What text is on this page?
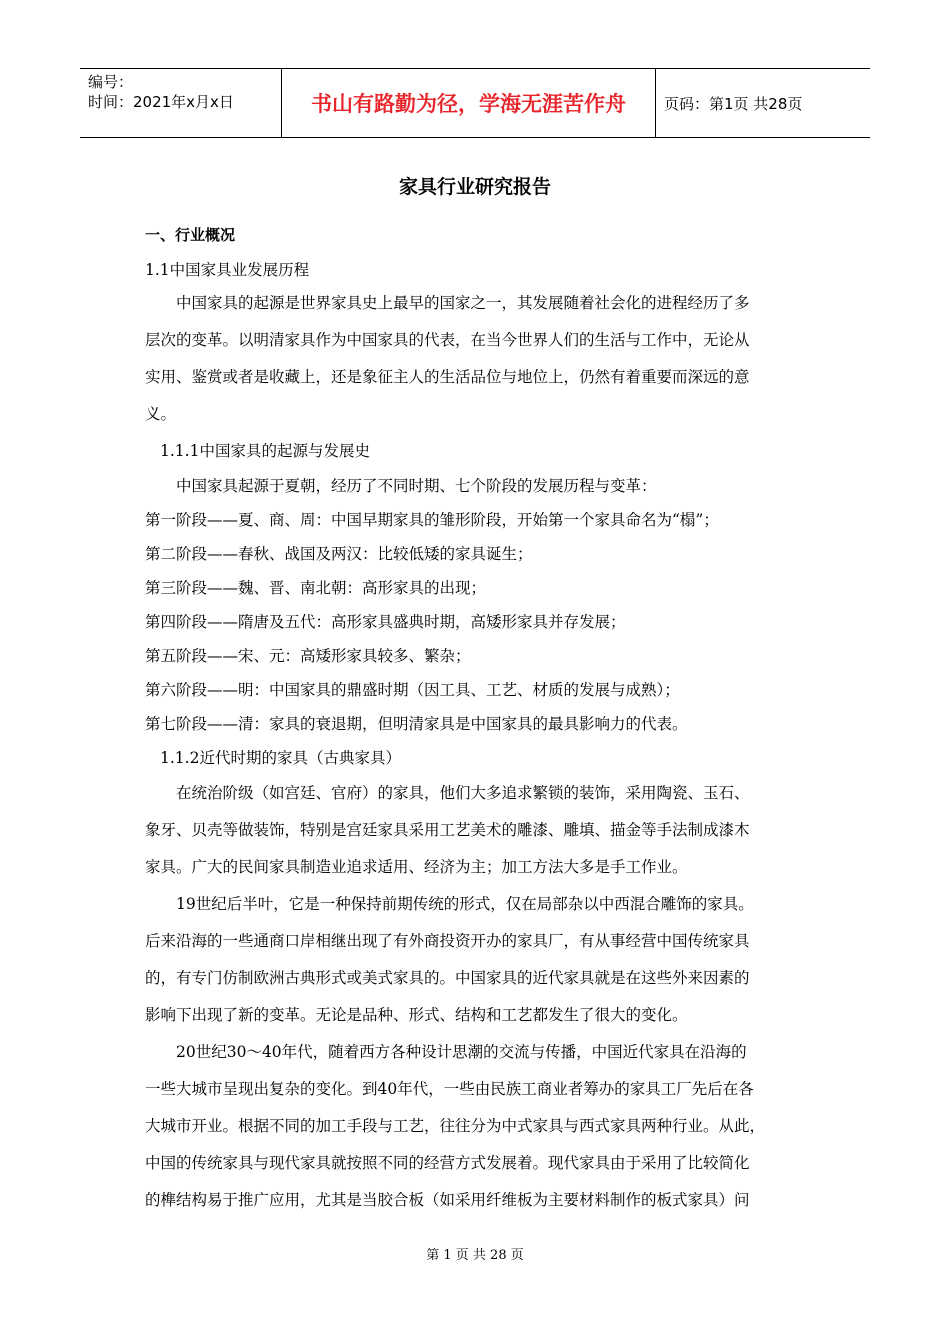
编号：
时间：2021年x月x日	书山有路勤为径，学海无涯苦作舟	页码：第1页 共28页
家具行业研究报告
一、行业概况
1.1中国家具业发展历程
中国家具的起源是世界家具史上最早的国家之一，其发展随着社会化的进程经历了多
层次的变革。以明清家具作为中国家具的代表，在当今世界人们的生活与工作中，无论从
实用、鉴赏或者是收藏上，还是象征主人的生活品位与地位上，仍然有着重要而深远的意
义。
1.1.1中国家具的起源与发展史
中国家具起源于夏朝，经历了不同时期、七个阶段的发展历程与变革：
第一阶段——夏、商、周：中国早期家具的雏形阶段，开始第一个家具命名为“榻”；
第二阶段——春秋、战国及两汉：比较低矮的家具诞生；
第三阶段——魏、晋、南北朝：高形家具的出现；
第四阶段——隋唐及五代：高形家具盛典时期，高矮形家具并存发展；
第五阶段——宋、元：高矮形家具较多、繁杂；
第六阶段——明：中国家具的鼎盛时期（因工具、工艺、材质的发展与成熟）；
第七阶段——清：家具的衰退期，但明清家具是中国家具的最具影响力的代表。
1.1.2近代时期的家具（古典家具）
在统治阶级（如宫廷、官府）的家具，他们大多追求繁锁的装饰，采用陶瓷、玉石、
象牙、贝壳等做装饰，特别是宫廷家具采用工艺美术的雕漆、雕填、描金等手法制成漆木
家具。广大的民间家具制造业追求适用、经济为主；加工方法大多是手工作业。
19世纪后半叶，它是一种保持前期传统的形式，仅在局部杂以中西混合雕饰的家具。
后来沿海的一些通商口岸相继出现了有外商投资开办的家具厂，有从事经营中国传统家具
的，有专门仿制欧洲古典形式或美式家具的。中国家具的近代家具就是在这些外来因素的
影响下出现了新的变革。无论是品种、形式、结构和工艺都发生了很大的变化。
20世纪30～40年代，随着西方各种设计思潮的交流与传播，中国近代家具在沿海的
一些大城市呈现出复杂的变化。到40年代，一些由民族工商业者筹办的家具工厂先后在各
大城市开业。根据不同的加工手段与工艺，往往分为中式家具与西式家具两种行业。从此，
中国的传统家具与现代家具就按照不同的经营方式发展着。现代家具由于采用了比较简化
的榫结构易于推广应用，尤其是当胶合板（如采用纤维板为主要材料制作的板式家具）问
第 1 页 共 28 页
